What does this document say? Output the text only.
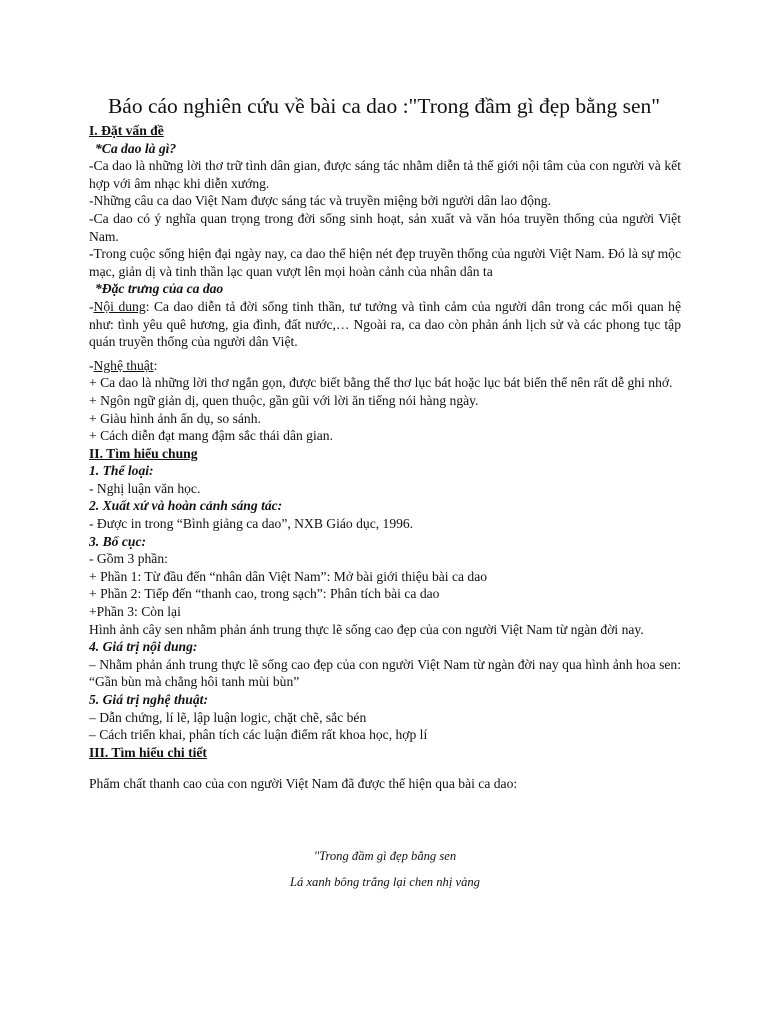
Báo cáo nghiên cứu về bài ca dao :"Trong đầm gì đẹp bằng sen"

I. Đặt vấn đề

*Ca dao là gì?

-Ca dao là những lời thơ trữ tình dân gian, được sáng tác nhằm diễn tả thế giới nội tâm của con người và kết hợp với âm nhạc khi diễn xướng.

-Những câu ca dao Việt Nam được sáng tác và truyền miệng bởi người dân lao động.

-Ca dao có ý nghĩa quan trọng trong đời sống sinh hoạt, sản xuất và văn hóa truyền thống của người Việt Nam.

-Trong cuộc sống hiện đại ngày nay, ca dao thể hiện nét đẹp truyền thống của người Việt Nam. Đó là sự mộc mạc, giản dị và tinh thần lạc quan vượt lên mọi hoàn cảnh của nhân dân ta

*Đặc trưng của ca dao

-Nội dung: Ca dao diễn tả đời sống tinh thần, tư tưởng và tình cảm của người dân trong các mối quan hệ như: tình yêu quê hương, gia đình, đất nước,… Ngoài ra, ca dao còn phản ánh lịch sử và các phong tục tập quán truyền thống của người dân Việt.

-Nghệ thuật:

+ Ca dao là những lời thơ ngắn gọn, được biết bằng thể thơ lục bát hoặc lục bát biến thể nên rất dễ ghi nhớ.

+ Ngôn ngữ giản dị, quen thuộc, gần gũi với lời ăn tiếng nói hàng ngày.

+ Giàu hình ảnh ẩn dụ, so sánh.

+ Cách diễn đạt mang đậm sắc thái dân gian.

II. Tìm hiểu chung

1. Thể loại:

- Nghị luận văn học.

2. Xuất xứ và hoàn cảnh sáng tác:

- Được in trong “Bình giảng ca dao”, NXB Giáo dục, 1996.

3. Bố cục:

- Gồm 3 phần:

+ Phần 1: Từ đầu đến “nhân dân Việt Nam”: Mở bài giới thiệu bài ca dao

+ Phần 2: Tiếp đến “thanh cao, trong sạch”: Phân tích bài ca dao

+Phần 3: Còn lại

Hình ảnh cây sen nhằm phản ánh trung thực lẽ sống cao đẹp của con người Việt Nam từ ngàn đời nay.

4. Giá trị nội dung:

– Nhằm phản ánh trung thực lẽ sống cao đẹp của con người Việt Nam từ ngàn đời nay qua hình ảnh hoa sen: “Gần bùn mà chẳng hôi tanh mùi bùn”

5. Giá trị nghệ thuật:

– Dẫn chứng, lí lẽ, lập luận logic, chặt chẽ, sắc bén

– Cách triển khai, phân tích các luận điểm rất khoa học, hợp lí

III. Tìm hiểu chi tiết

Phẩm chất thanh cao của con người Việt Nam đã được thể hiện qua bài ca dao:

"Trong đầm gì đẹp bằng sen
Lá xanh bông trắng lại chen nhị vàng
